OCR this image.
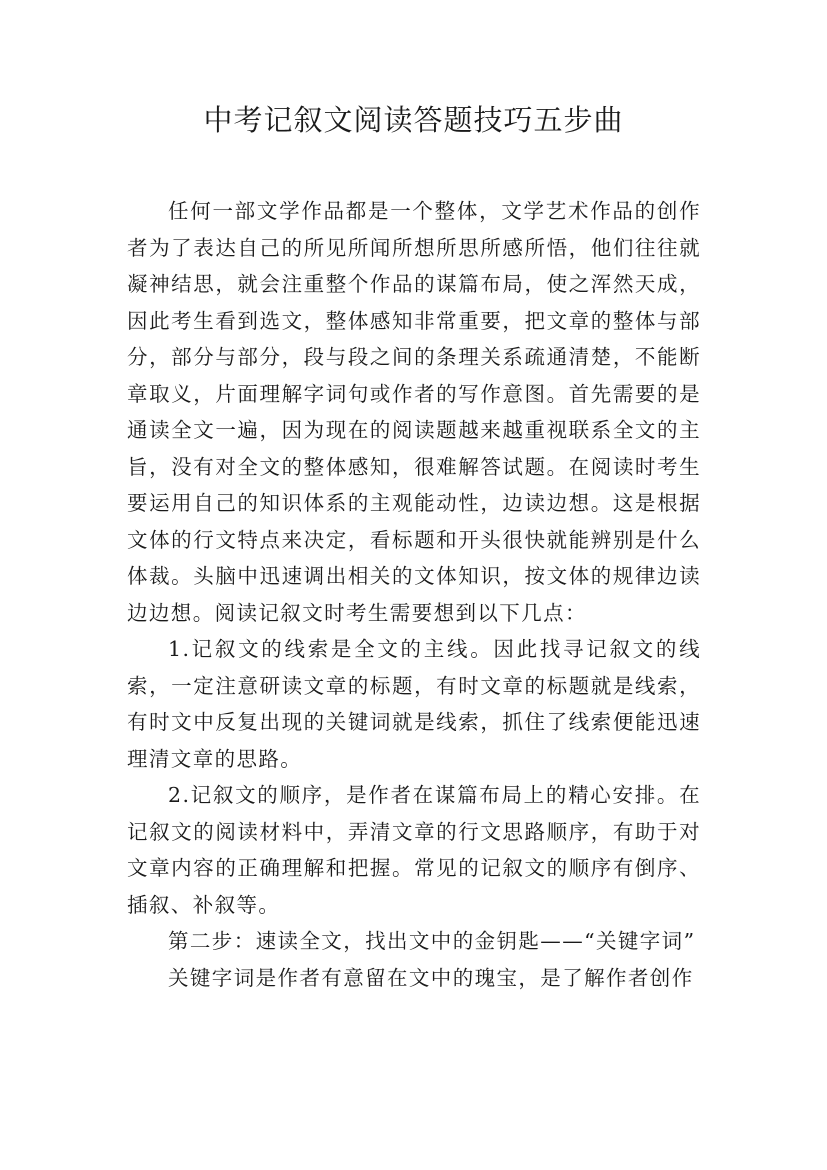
中考记叙文阅读答题技巧五步曲

任何一部文学作品都是一个整体，文学艺术作品的创作者为了表达自己的所见所闻所想所思所感所悟，他们往往就凝神结思，就会注重整个作品的谋篇布局，使之浑然天成，因此考生看到选文，整体感知非常重要，把文章的整体与部分，部分与部分，段与段之间的条理关系疏通清楚，不能断章取义，片面理解字词句或作者的写作意图。首先需要的是通读全文一遍，因为现在的阅读题越来越重视联系全文的主旨，没有对全文的整体感知，很难解答试题。在阅读时考生要运用自己的知识体系的主观能动性，边读边想。这是根据文体的行文特点来决定，看标题和开头很快就能辨别是什么体裁。头脑中迅速调出相关的文体知识，按文体的规律边读边边想。阅读记叙文时考生需要想到以下几点：

1.记叙文的线索是全文的主线。因此找寻记叙文的线索，一定注意研读文章的标题，有时文章的标题就是线索，有时文中反复出现的关键词就是线索，抓住了线索便能迅速理清文章的思路。

2.记叙文的顺序，是作者在谋篇布局上的精心安排。在记叙文的阅读材料中，弄清文章的行文思路顺序，有助于对文章内容的正确理解和把握。常见的记叙文的顺序有倒序、插叙、补叙等。

第二步：速读全文，找出文中的金钥匙——“关键字词”

关键字词是作者有意留在文中的瑰宝，是了解作者创作
